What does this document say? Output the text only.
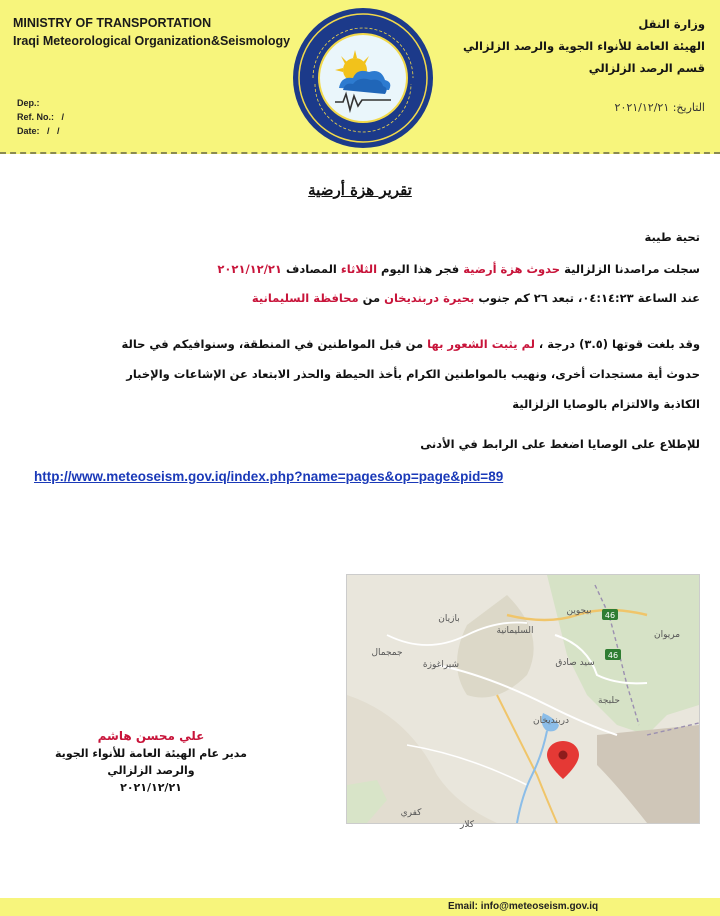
MINISTRY OF TRANSPORTATION
Iraqi Meteorological Organization&Seismology
Dep.:
Ref. No.:   /
Date:   /   /
وزارة النقل
الهيئة العامة للأنواء الجوية والرصد الزلزالي
قسم الرصد الزلزالي
التاريخ: ٢٠٢١/١٢/٢١
تقرير هزة أرضية
تحية طيبة
سجلت مراصدنا الزلزالية حدوث هزة أرضية فجر هذا اليوم الثلاثاء المصادف ٢٠٢١/١٢/٢١
عند الساعة ٠٤:١٤:٢٣، تبعد ٢٦ كم جنوب بحيرة دربنديخان من محافظة السليمانية
وقد بلغت قوتها (٣.٥) درجة ، لم يثبت الشعور بها من قبل المواطنين في المنطقة، وسنوافيكم في حالة
حدوث أية مستجدات أخرى، ونهيب بالمواطنين الكرام بأخذ الحيطة والحذر الابتعاد عن الإشاعات والإخبار
الكاذبة والالتزام بالوصايا الزلزالية
للإطلاع على الوصايا اضغط على الرابط في الأدنى
http://www.meteoseism.gov.iq/index.php?name=pages&op=page&pid=89
بيجوين
مريوان
بازيان
السليمانية
جمجمال
شيراغوزة	سيد صادق
حلبجة
دربنديخان
كفري
كلار
46
46
علي محسن هاشم
مدير عام الهيئة العامة للأنواء الجوية
والرصد الزلزالي
٢٠٢١/١٢/٢١
Email: info@meteoseism.gov.iq
